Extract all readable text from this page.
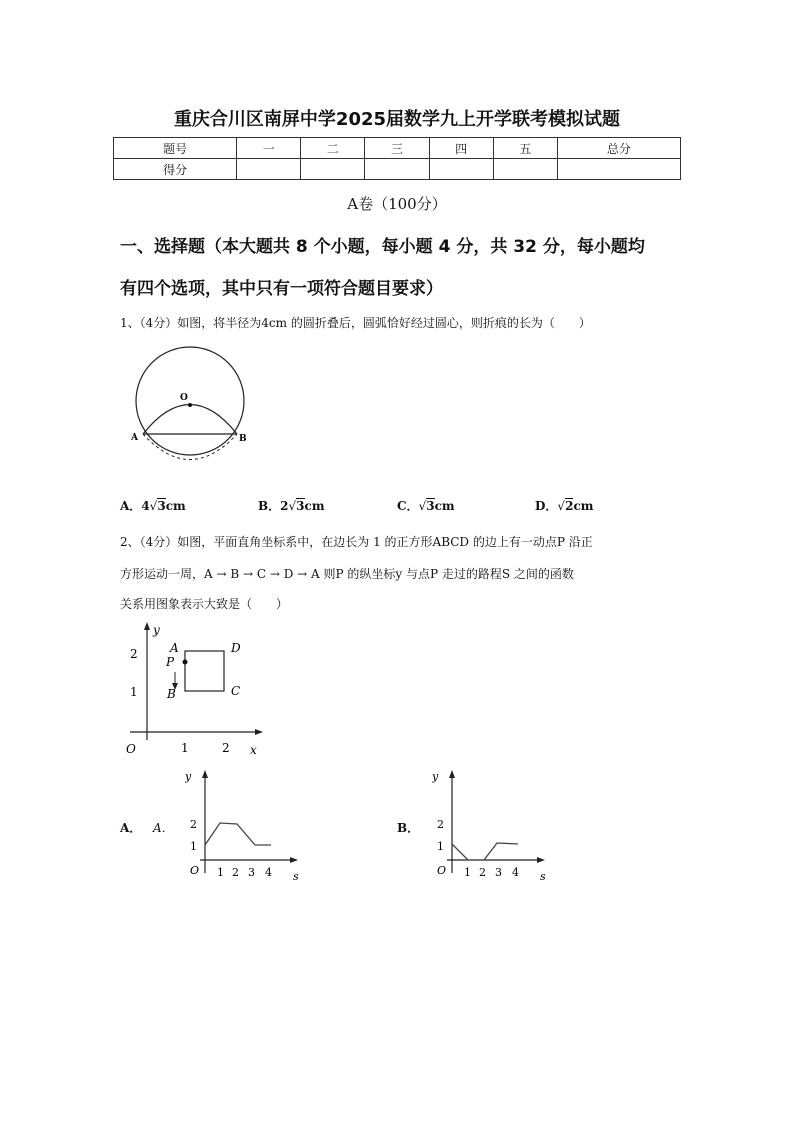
重庆合川区南屏中学2025届数学九上开学联考模拟试题
题号	一	二	三	四	五	总分
得分						
A卷（100分）
一、选择题（本大题共 8 个小题，每小题 4 分，共 32 分，每小题均
有四个选项，其中只有一项符合题目要求）
1、（4分）如图，将半径为4cm 的圆折叠后，圆弧恰好经过圆心，则折痕的长为（　　）
O
A	B
A．4√3cm	B．2√3cm	C．√3cm	D．√2cm
2、（4分）如图，平面直角坐标系中，在边长为 1 的正方形ABCD 的边上有一动点P 沿正
方形运动一周，A → B → C → D → A 则P 的纵坐标y 与点P 走过的路程S 之间的函数
关系用图象表示大致是（　　）
y
x
O
2
1
1	2
A
P
B
D
C
A． A．
y
s
O
2
1
1 2 3 4
B．
y
s
O
2
1
1 2 3 4
